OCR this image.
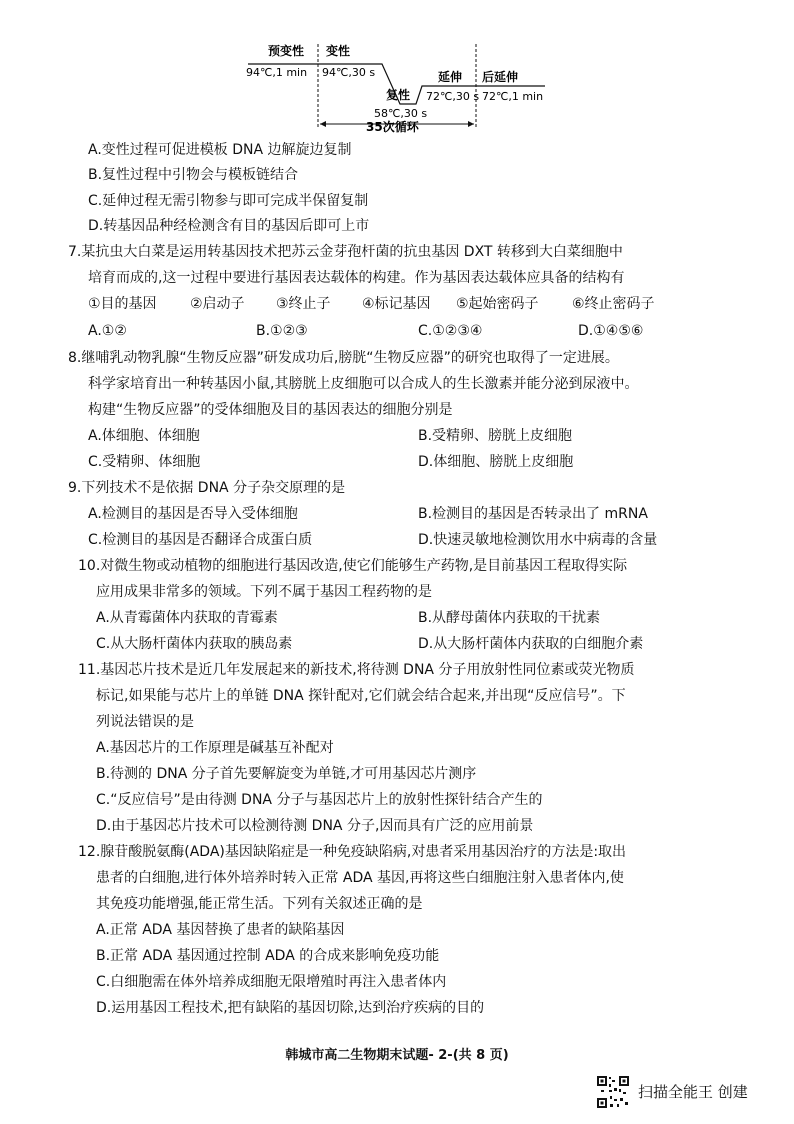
预变性 变性
94℃,1 min 94℃,30 s
复性
延伸 后延伸
72℃,30 s 72℃,1 min
58℃,30 s
35次循环
A.变性过程可促进模板 DNA 边解旋边复制
B.复性过程中引物会与模板链结合
C.延伸过程无需引物参与即可完成半保留复制
D.转基因品种经检测含有目的基因后即可上市
7.某抗虫大白菜是运用转基因技术把苏云金芽孢杆菌的抗虫基因 DXT 转移到大白菜细胞中
培育而成的,这一过程中要进行基因表达载体的构建。作为基因表达载体应具备的结构有
①目的基因 ②启动子 ③终止子 ④标记基因 ⑤起始密码子 ⑥终止密码子
A.①②	B.①②③	C.①②③④	D.①④⑤⑥
8.继哺乳动物乳腺“生物反应器”研发成功后,膀胱“生物反应器”的研究也取得了一定进展。
科学家培育出一种转基因小鼠,其膀胱上皮细胞可以合成人的生长激素并能分泌到尿液中。
构建“生物反应器”的受体细胞及目的基因表达的细胞分别是
A.体细胞、体细胞	B.受精卵、膀胱上皮细胞
C.受精卵、体细胞	D.体细胞、膀胱上皮细胞
9.下列技术不是依据 DNA 分子杂交原理的是
A.检测目的基因是否导入受体细胞	B.检测目的基因是否转录出了 mRNA
C.检测目的基因是否翻译合成蛋白质	D.快速灵敏地检测饮用水中病毒的含量
10.对微生物或动植物的细胞进行基因改造,使它们能够生产药物,是目前基因工程取得实际
应用成果非常多的领域。下列不属于基因工程药物的是
A.从青霉菌体内获取的青霉素	B.从酵母菌体内获取的干扰素
C.从大肠杆菌体内获取的胰岛素	D.从大肠杆菌体内获取的白细胞介素
11.基因芯片技术是近几年发展起来的新技术,将待测 DNA 分子用放射性同位素或荧光物质
标记,如果能与芯片上的单链 DNA 探针配对,它们就会结合起来,并出现“反应信号”。下
列说法错误的是
A.基因芯片的工作原理是碱基互补配对
B.待测的 DNA 分子首先要解旋变为单链,才可用基因芯片测序
C.“反应信号”是由待测 DNA 分子与基因芯片上的放射性探针结合产生的
D.由于基因芯片技术可以检测待测 DNA 分子,因而具有广泛的应用前景
12.腺苷酸脱氨酶(ADA)基因缺陷症是一种免疫缺陷病,对患者采用基因治疗的方法是:取出
患者的白细胞,进行体外培养时转入正常 ADA 基因,再将这些白细胞注射入患者体内,使
其免疫功能增强,能正常生活。下列有关叙述正确的是
A.正常 ADA 基因替换了患者的缺陷基因
B.正常 ADA 基因通过控制 ADA 的合成来影响免疫功能
C.白细胞需在体外培养成细胞无限增殖时再注入患者体内
D.运用基因工程技术,把有缺陷的基因切除,达到治疗疾病的目的
韩城市高二生物期末试题- 2-(共 8 页)
扫描全能王 创建
